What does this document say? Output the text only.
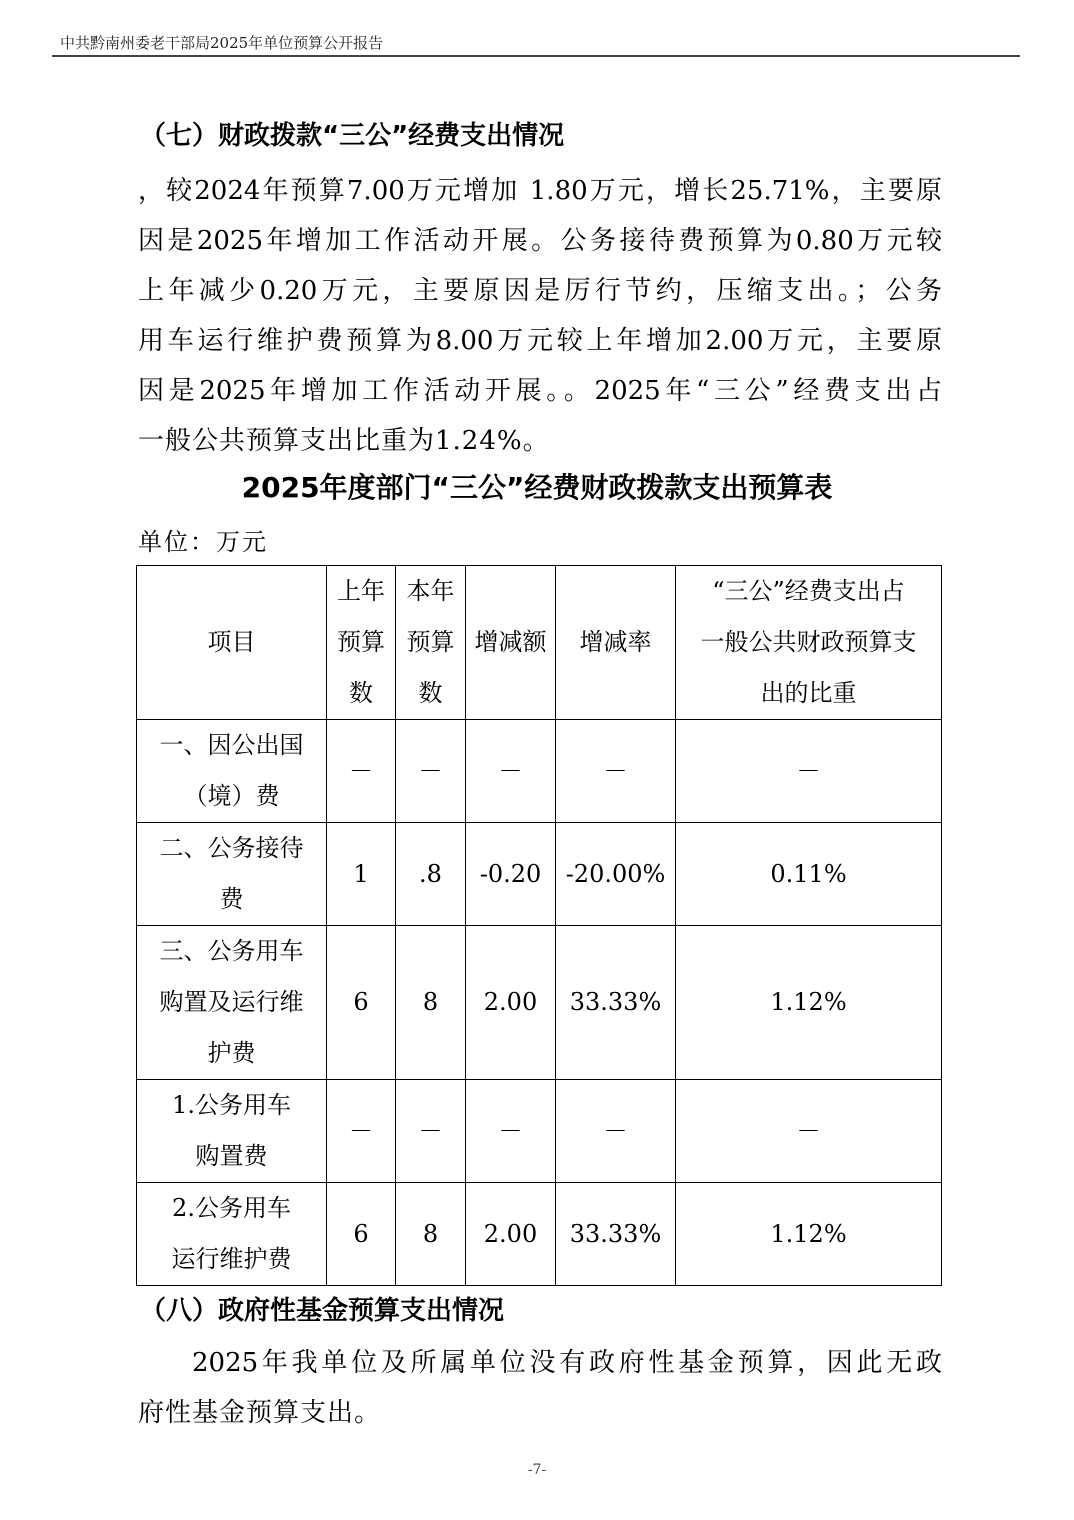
中共黔南州委老干部局2025年单位预算公开报告
（七）财政拨款“三公”经费支出情况
，较2024年预算7.00万元增加 1.80万元，增长25.71%，主要原
因是2025年增加工作活动开展。公务接待费预算为0.80万元较
上年减少0.20万元，主要原因是厉行节约，压缩支出。；公务
用车运行维护费预算为8.00万元较上年增加2.00万元，主要原
因是2025年增加工作活动开展。。2025年“三公”经费支出占
一般公共预算支出比重为1.24%。
2025年度部门“三公”经费财政拨款支出预算表
单位：万元
项目	上年
预算
数	本年
预算
数	增减额	增减率	“三公”经费支出占
一般公共财政预算支
出的比重
一、因公出国
（境）费	－	－	－	－	－
二、公务接待
费	1	.8	-0.20	-20.00%	0.11%
三、公务用车
购置及运行维
护费	6	8	2.00	33.33%	1.12%
1.公务用车
购置费	－	－	－	－	－
2.公务用车
运行维护费	6	8	2.00	33.33%	1.12%
（八）政府性基金预算支出情况
2025年我单位及所属单位没有政府性基金预算，因此无政
府性基金预算支出。
-7-
